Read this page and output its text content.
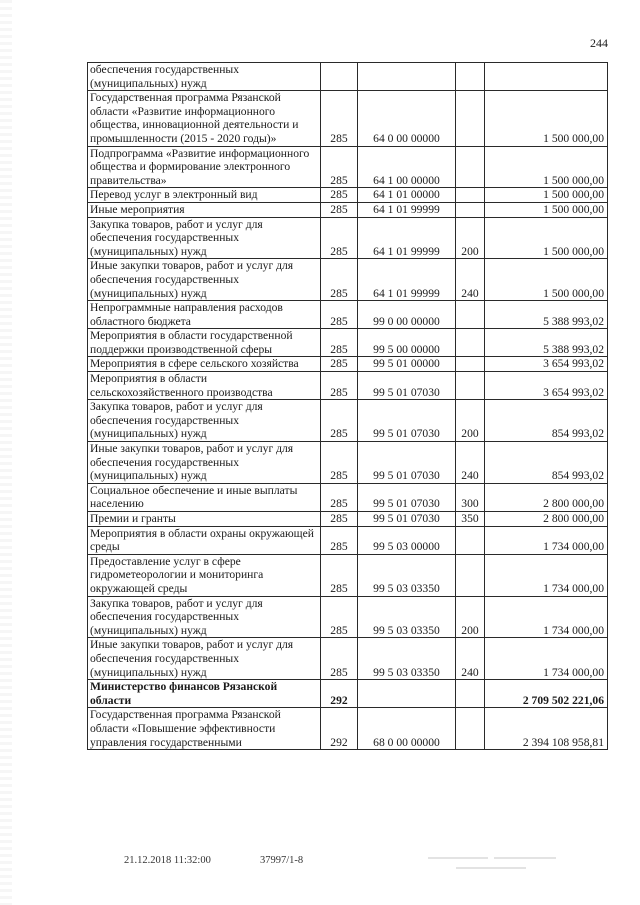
244
обеспечения государственных (муниципальных) нужд				
Государственная программа Рязанской области «Развитие информационного общества, инновационной деятельности и промышленности (2015 - 2020 годы)»	285	64 0 00 00000		1 500 000,00
Подпрограмма «Развитие информационного общества и формирование электронного правительства»	285	64 1 00 00000		1 500 000,00
Перевод услуг в электронный вид	285	64 1 01 00000		1 500 000,00
Иные мероприятия	285	64 1 01 99999		1 500 000,00
Закупка товаров, работ и услуг для обеспечения государственных (муниципальных) нужд	285	64 1 01 99999	200	1 500 000,00
Иные закупки товаров, работ и услуг для обеспечения государственных (муниципальных) нужд	285	64 1 01 99999	240	1 500 000,00
Непрограммные направления расходов областного бюджета	285	99 0 00 00000		5 388 993,02
Мероприятия в области государственной поддержки производственной сферы	285	99 5 00 00000		5 388 993,02
Мероприятия в сфере сельского хозяйства	285	99 5 01 00000		3 654 993,02
Мероприятия в области сельскохозяйственного производства	285	99 5 01 07030		3 654 993,02
Закупка товаров, работ и услуг для обеспечения государственных (муниципальных) нужд	285	99 5 01 07030	200	854 993,02
Иные закупки товаров, работ и услуг для обеспечения государственных (муниципальных) нужд	285	99 5 01 07030	240	854 993,02
Социальное обеспечение и иные выплаты населению	285	99 5 01 07030	300	2 800 000,00
Премии и гранты	285	99 5 01 07030	350	2 800 000,00
Мероприятия в области охраны окружающей среды	285	99 5 03 00000		1 734 000,00
Предоставление услуг в сфере гидрометеорологии и мониторинга окружающей среды	285	99 5 03 03350		1 734 000,00
Закупка товаров, работ и услуг для обеспечения государственных (муниципальных) нужд	285	99 5 03 03350	200	1 734 000,00
Иные закупки товаров, работ и услуг для обеспечения государственных (муниципальных) нужд	285	99 5 03 03350	240	1 734 000,00
Министерство финансов Рязанской области	292			2 709 502 221,06
Государственная программа Рязанской области «Повышение эффективности управления государственными	292	68 0 00 00000		2 394 108 958,81
21.12.2018 11:32:00	37997/1-8
